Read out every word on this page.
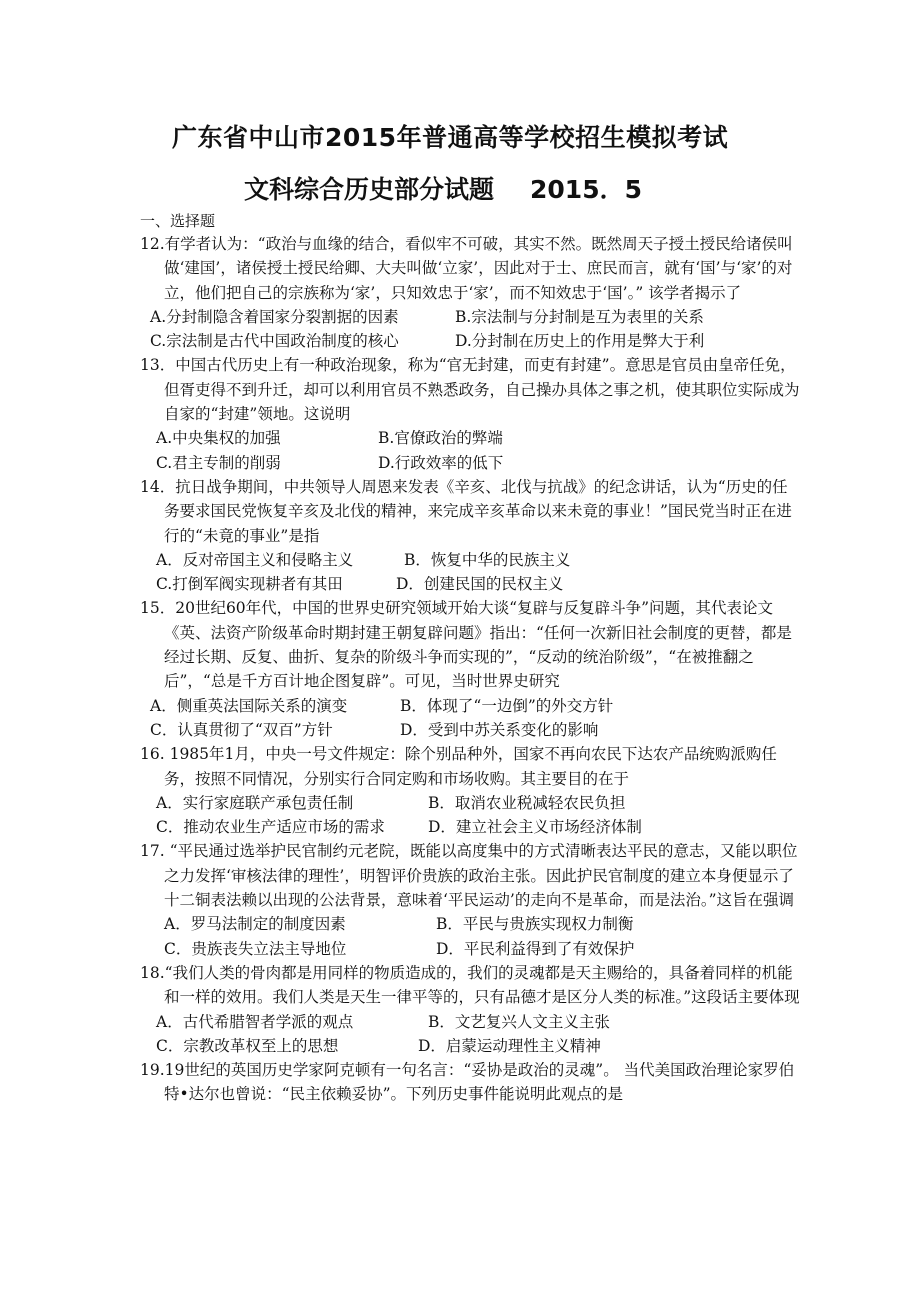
广东省中山市2015年普通高等学校招生模拟考试
文科综合历史部分试题 2015．5
一、选择题

12.有学者认为：“政治与血缘的结合，看似牢不可破，其实不然。既然周天子授土授民给诸侯叫做‘建国’，诸侯授土授民给卿、大夫叫做‘立家’，因此对于士、庶民而言，就有‘国’与‘家’的对立，他们把自己的宗族称为‘家’，只知效忠于‘家’，而不知效忠于‘国’。” 该学者揭示了

A.分封制隐含着国家分裂割据的因素	B.宗法制与分封制是互为表里的关系
C.宗法制是古代中国政治制度的核心	D.分封制在历史上的作用是弊大于利

13．中国古代历史上有一种政治现象，称为“官无封建，而吏有封建”。意思是官员由皇帝任免，但胥吏得不到升迁，却可以利用官员不熟悉政务，自己操办具体之事之机，使其职位实际成为自家的“封建”领地。这说明

A.中央集权的加强	B.官僚政治的弊端
C.君主专制的削弱	D.行政效率的低下

14．抗日战争期间，中共领导人周恩来发表《辛亥、北伐与抗战》的纪念讲话，认为“历史的任务要求国民党恢复辛亥及北伐的精神，来完成辛亥革命以来未竟的事业！”国民党当时正在进行的“未竟的事业”是指

A．反对帝国主义和侵略主义	B．恢复中华的民族主义
C.打倒军阀实现耕者有其田	D．创建民国的民权主义

15．20世纪60年代，中国的世界史研究领域开始大谈“复辟与反复辟斗争”问题，其代表论文《英、法资产阶级革命时期封建王朝复辟问题》指出：“任何一次新旧社会制度的更替，都是经过长期、反复、曲折、复杂的阶级斗争而实现的”，“反动的统治阶级”，“在被推翻之后”，“总是千方百计地企图复辟”。可见，当时世界史研究

A．侧重英法国际关系的演变	B．体现了“一边倒”的外交方针
C．认真贯彻了“双百”方针	D．受到中苏关系变化的影响

16. 1985年1月，中央一号文件规定：除个别品种外，国家不再向农民下达农产品统购派购任务，按照不同情况，分别实行合同定购和市场收购。其主要目的在于

A．实行家庭联产承包责任制	B．取消农业税减轻农民负担
C．推动农业生产适应市场的需求	D．建立社会主义市场经济体制

17. “平民通过选举护民官制约元老院，既能以高度集中的方式清晰表达平民的意志，又能以职位之力发挥‘审核法律的理性’，明智评价贵族的政治主张。因此护民官制度的建立本身便显示了十二铜表法赖以出现的公法背景，意味着‘平民运动’的走向不是革命，而是法治。”这旨在强调

A．罗马法制定的制度因素	B．平民与贵族实现权力制衡
C．贵族丧失立法主导地位	D．平民利益得到了有效保护

18.“我们人类的骨肉都是用同样的物质造成的，我们的灵魂都是天主赐给的，具备着同样的机能和一样的效用。我们人类是天生一律平等的，只有品德才是区分人类的标准。”这段话主要体现

A．古代希腊智者学派的观点	B．文艺复兴人文主义主张
C．宗教改革权至上的思想	D．启蒙运动理性主义精神

19.19世纪的英国历史学家阿克顿有一句名言：“妥协是政治的灵魂”。 当代美国政治理论家罗伯特•达尔也曾说：“民主依赖妥协”。下列历史事件能说明此观点的是
